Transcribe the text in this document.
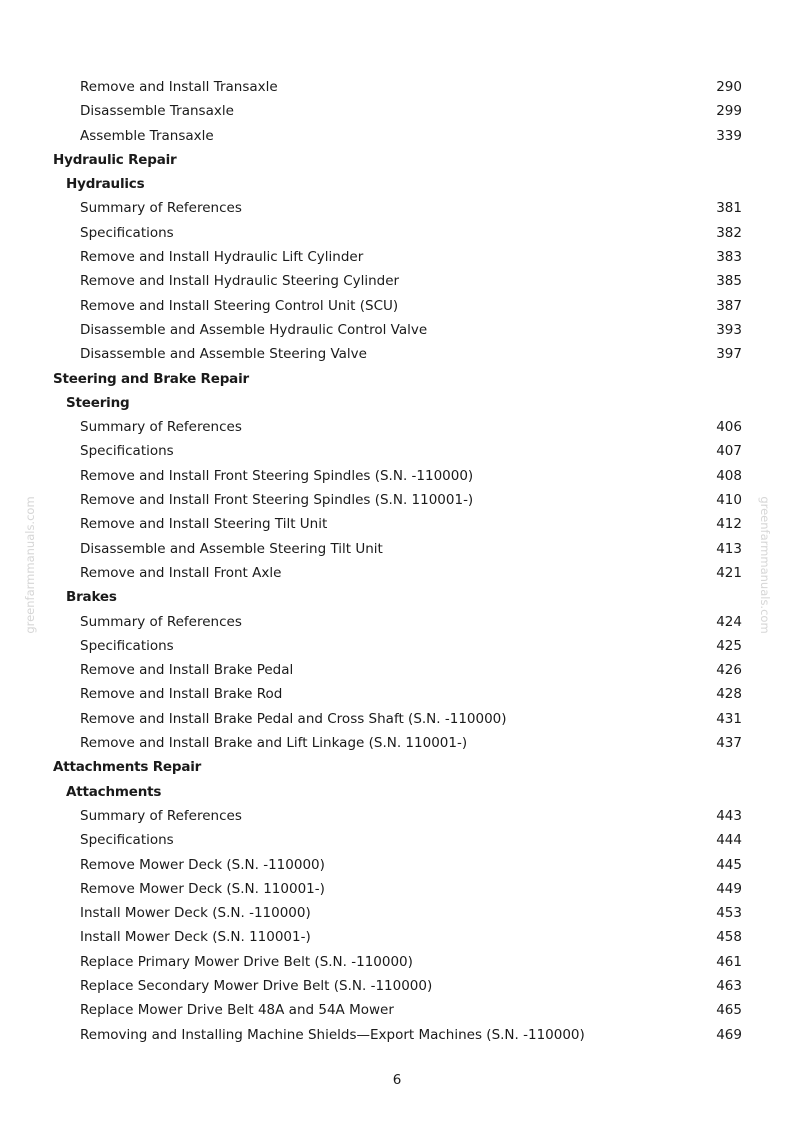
Remove and Install Transaxle	290
Disassemble Transaxle	299
Assemble Transaxle	339
Hydraulic Repair
Hydraulics
Summary of References	381
Specifications	382
Remove and Install Hydraulic Lift Cylinder	383
Remove and Install Hydraulic Steering Cylinder	385
Remove and Install Steering Control Unit (SCU)	387
Disassemble and Assemble Hydraulic Control Valve	393
Disassemble and Assemble Steering Valve	397
Steering and Brake Repair
Steering
Summary of References	406
Specifications	407
Remove and Install Front Steering Spindles (S.N. -110000)	408
Remove and Install Front Steering Spindles (S.N. 110001-)	410
Remove and Install Steering Tilt Unit	412
Disassemble and Assemble Steering Tilt Unit	413
Remove and Install Front Axle	421
Brakes
Summary of References	424
Specifications	425
Remove and Install Brake Pedal	426
Remove and Install Brake Rod	428
Remove and Install Brake Pedal and Cross Shaft (S.N. -110000)	431
Remove and Install Brake and Lift Linkage (S.N. 110001-)	437
Attachments Repair
Attachments
Summary of References	443
Specifications	444
Remove Mower Deck (S.N. -110000)	445
Remove Mower Deck (S.N. 110001-)	449
Install Mower Deck (S.N. -110000)	453
Install Mower Deck (S.N. 110001-)	458
Replace Primary Mower Drive Belt (S.N. -110000)	461
Replace Secondary Mower Drive Belt (S.N. -110000)	463
Replace Mower Drive Belt 48A and 54A Mower	465
Removing and Installing Machine Shields—Export Machines (S.N. -110000)	469
6
greenfarmmanuals.com	greenfarmmanuals.com
